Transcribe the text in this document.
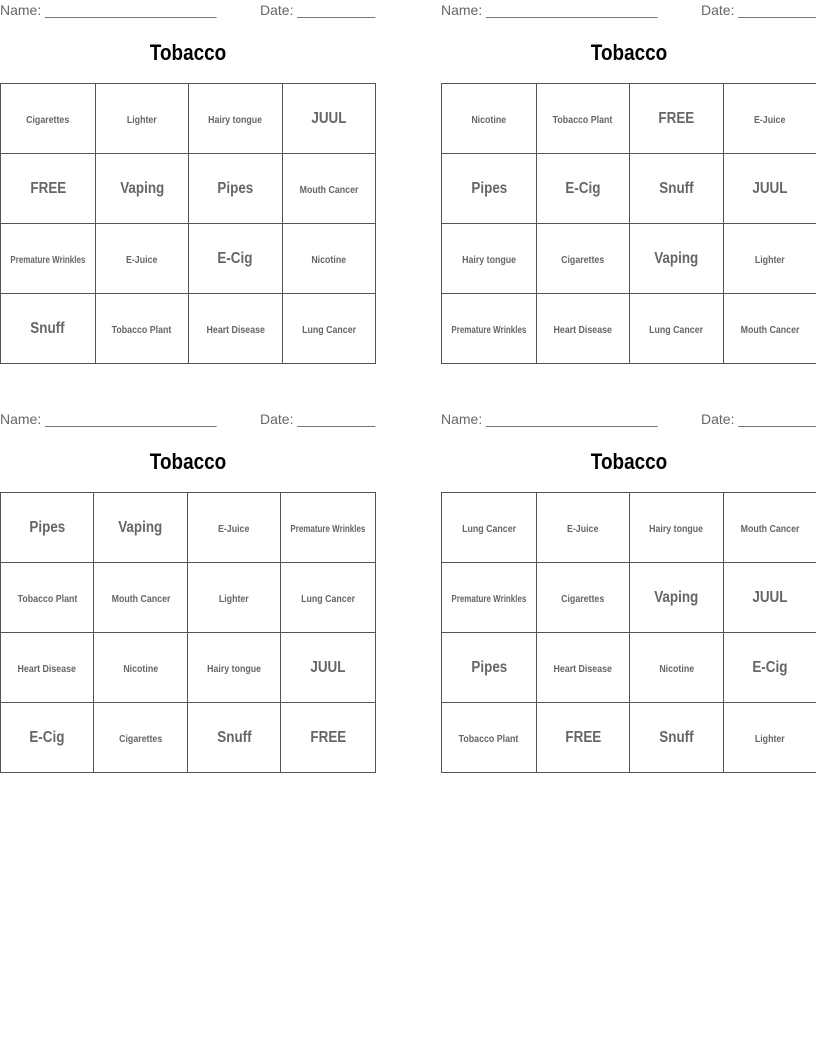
Name: ______________________	Date: __________
Tobacco
Cigarettes	Lighter	Hairy tongue	JUUL
FREE	Vaping	Pipes	Mouth Cancer
Premature Wrinkles	E-Juice	E-Cig	Nicotine
Snuff	Tobacco Plant	Heart Disease	Lung Cancer
Name: ______________________	Date: __________
Tobacco
Nicotine	Tobacco Plant	FREE	E-Juice
Pipes	E-Cig	Snuff	JUUL
Hairy tongue	Cigarettes	Vaping	Lighter
Premature Wrinkles	Heart Disease	Lung Cancer	Mouth Cancer
Name: ______________________	Date: __________
Tobacco
Pipes	Vaping	E-Juice	Premature Wrinkles
Tobacco Plant	Mouth Cancer	Lighter	Lung Cancer
Heart Disease	Nicotine	Hairy tongue	JUUL
E-Cig	Cigarettes	Snuff	FREE
Name: ______________________	Date: __________
Tobacco
Lung Cancer	E-Juice	Hairy tongue	Mouth Cancer
Premature Wrinkles	Cigarettes	Vaping	JUUL
Pipes	Heart Disease	Nicotine	E-Cig
Tobacco Plant	FREE	Snuff	Lighter
